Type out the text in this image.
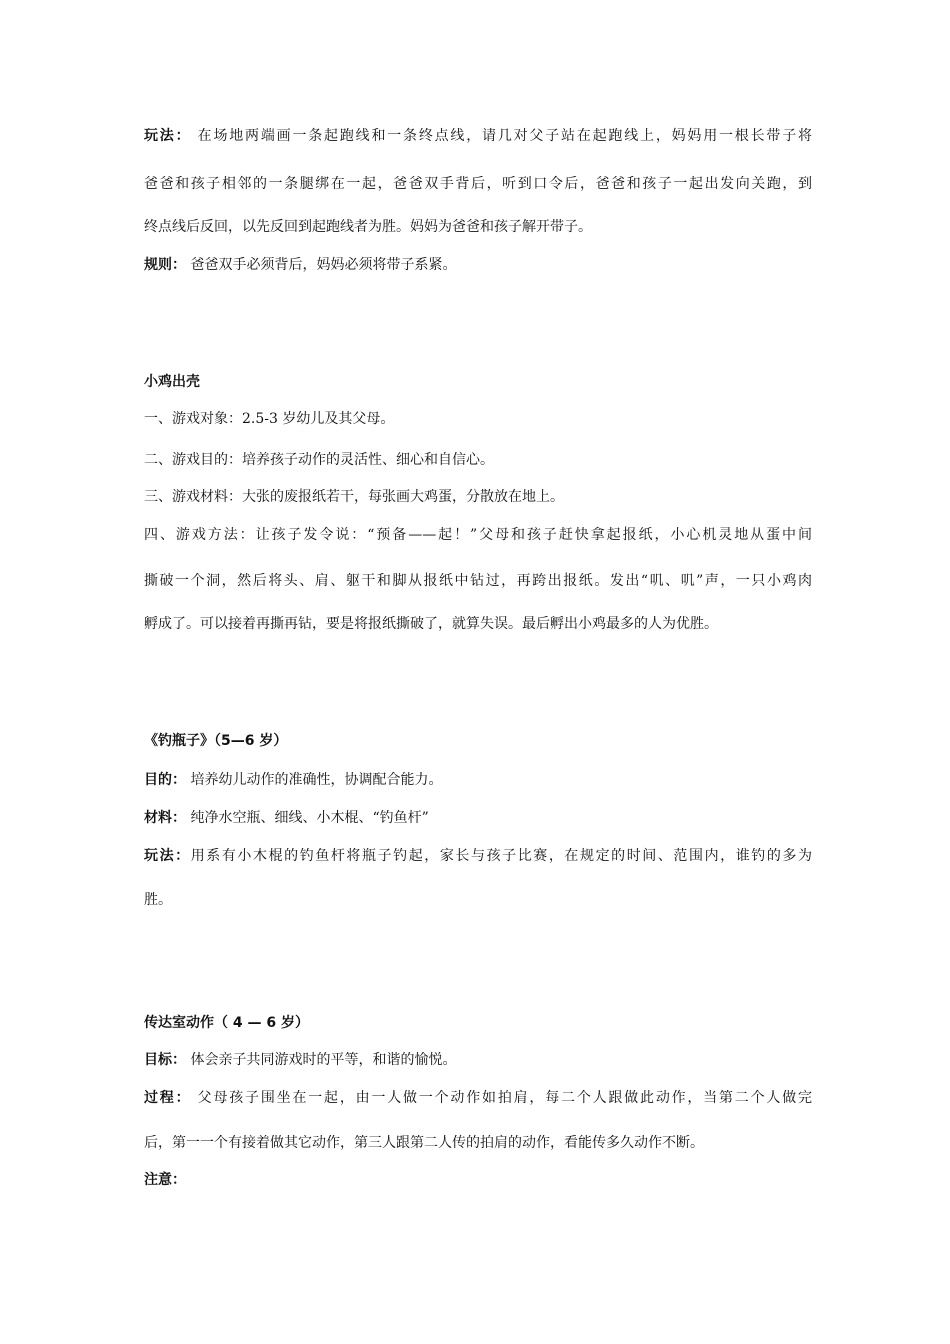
玩法： 在场地两端画一条起跑线和一条终点线，请几对父子站在起跑线上，妈妈用一根长带子将
爸爸和孩子相邻的一条腿绑在一起，爸爸双手背后，听到口令后，爸爸和孩子一起出发向关跑，到
终点线后反回，以先反回到起跑线者为胜。妈妈为爸爸和孩子解开带子。
规则： 爸爸双手必须背后，妈妈必须将带子系紧。
小鸡出壳
一、游戏对象：2.5-3 岁幼儿及其父母。
二、游戏目的：培养孩子动作的灵活性、细心和自信心。
三、游戏材料：大张的废报纸若干，每张画大鸡蛋，分散放在地上。
四、游戏方法：让孩子发令说：“预备——起！”父母和孩子赶快拿起报纸，小心机灵地从蛋中间
撕破一个洞，然后将头、肩、躯干和脚从报纸中钻过，再跨出报纸。发出“叽、叽”声，一只小鸡肉
孵成了。可以接着再撕再钻，要是将报纸撕破了，就算失误。最后孵出小鸡最多的人为优胜。
《钓瓶子》（5—6 岁）
目的： 培养幼儿动作的准确性，协调配合能力。
材料： 纯净水空瓶、细线、小木棍、“钓鱼杆”
玩法：用系有小木棍的钓鱼杆将瓶子钓起，家长与孩子比赛，在规定的时间、范围内，谁钓的多为
胜。
传达室动作（ 4 — 6 岁）
目标： 体会亲子共同游戏时的平等，和谐的愉悦。
过程： 父母孩子围坐在一起，由一人做一个动作如拍肩，每二个人跟做此动作，当第二个人做完
后，第一一个有接着做其它动作，第三人跟第二人传的拍肩的动作，看能传多久动作不断。
注意：
